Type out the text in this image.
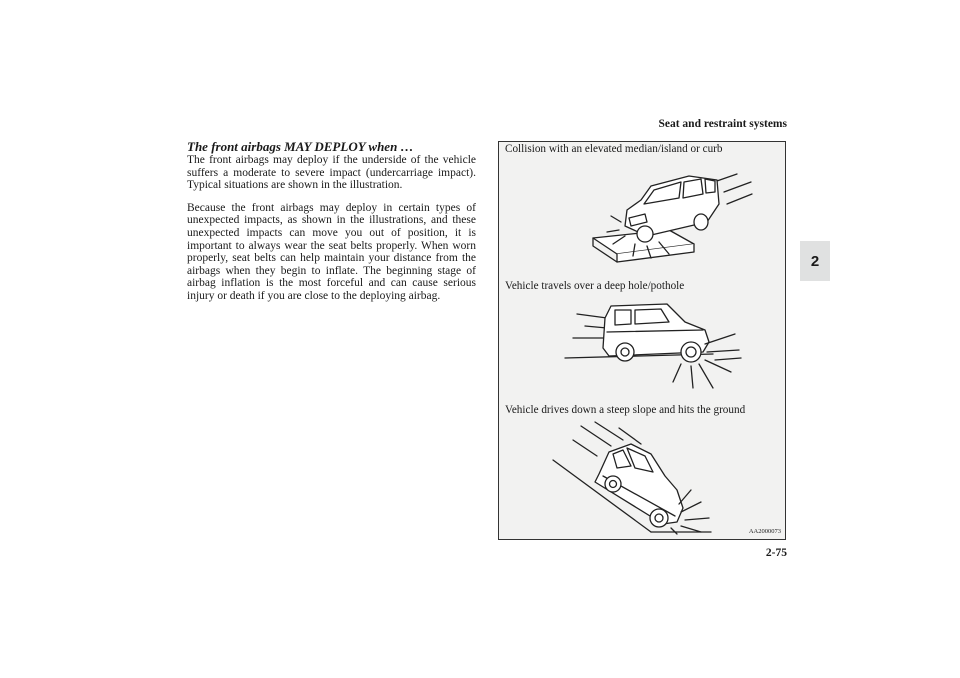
Seat and restraint systems
2

The front airbags MAY DEPLOY when …

The front airbags may deploy if the underside of the vehicle suffers a moderate to severe impact (undercarriage impact). Typical situations are shown in the illustration.

Because the front airbags may deploy in certain types of unexpected impacts, as shown in the illustrations, and these unexpected impacts can move you out of position, it is important to always wear the seat belts properly. When worn properly, seat belts can help maintain your distance from the airbags when they begin to inflate. The beginning stage of airbag inflation is the most forceful and can cause serious injury or death if you are close to the deploying airbag.

Collision with an elevated median/island or curb
Vehicle travels over a deep hole/pothole
Vehicle drives down a steep slope and hits the ground
AA2000073
2-75
